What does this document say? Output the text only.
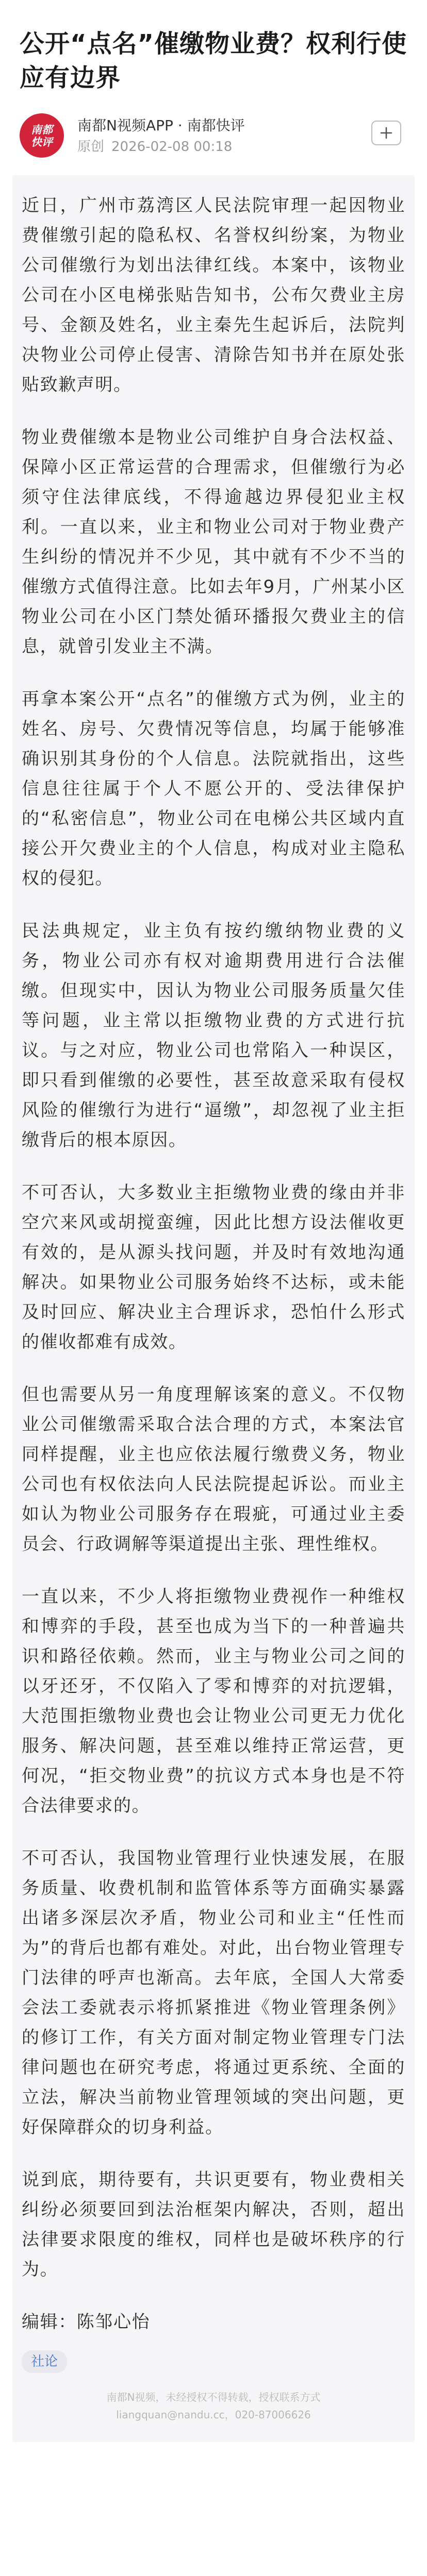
公开“点名”催缴物业费？权利行使应有边界
南都
快评
南都N视频APP · 南都快评
原创 2026-02-08 00:18

近日，广州市荔湾区人民法院审理一起因物业费催缴引起的隐私权、名誉权纠纷案，为物业公司催缴行为划出法律红线。本案中，该物业公司在小区电梯张贴告知书，公布欠费业主房号、金额及姓名，业主秦先生起诉后，法院判决物业公司停止侵害、清除告知书并在原处张贴致歉声明。

物业费催缴本是物业公司维护自身合法权益、保障小区正常运营的合理需求，但催缴行为必须守住法律底线，不得逾越边界侵犯业主权利。一直以来，业主和物业公司对于物业费产生纠纷的情况并不少见，其中就有不少不当的催缴方式值得注意。比如去年9月，广州某小区物业公司在小区门禁处循环播报欠费业主的信息，就曾引发业主不满。

再拿本案公开“点名”的催缴方式为例，业主的姓名、房号、欠费情况等信息，均属于能够准确识别其身份的个人信息。法院就指出，这些信息往往属于个人不愿公开的、受法律保护的“私密信息”，物业公司在电梯公共区域内直接公开欠费业主的个人信息，构成对业主隐私权的侵犯。

民法典规定，业主负有按约缴纳物业费的义务，物业公司亦有权对逾期费用进行合法催缴。但现实中，因认为物业公司服务质量欠佳等问题，业主常以拒缴物业费的方式进行抗议。与之对应，物业公司也常陷入一种误区，即只看到催缴的必要性，甚至故意采取有侵权风险的催缴行为进行“逼缴”，却忽视了业主拒缴背后的根本原因。

不可否认，大多数业主拒缴物业费的缘由并非空穴来风或胡搅蛮缠，因此比想方设法催收更有效的，是从源头找问题，并及时有效地沟通解决。如果物业公司服务始终不达标，或未能及时回应、解决业主合理诉求，恐怕什么形式的催收都难有成效。

但也需要从另一角度理解该案的意义。不仅物业公司催缴需采取合法合理的方式，本案法官同样提醒，业主也应依法履行缴费义务，物业公司也有权依法向人民法院提起诉讼。而业主如认为物业公司服务存在瑕疵，可通过业主委员会、行政调解等渠道提出主张、理性维权。

一直以来，不少人将拒缴物业费视作一种维权和博弈的手段，甚至也成为当下的一种普遍共识和路径依赖。然而，业主与物业公司之间的以牙还牙，不仅陷入了零和博弈的对抗逻辑，大范围拒缴物业费也会让物业公司更无力优化服务、解决问题，甚至难以维持正常运营，更何况，“拒交物业费”的抗议方式本身也是不符合法律要求的。

不可否认，我国物业管理行业快速发展，在服务质量、收费机制和监管体系等方面确实暴露出诸多深层次矛盾，物业公司和业主“任性而为”的背后也都有难处。对此，出台物业管理专门法律的呼声也渐高。去年底，全国人大常委会法工委就表示将抓紧推进《物业管理条例》的修订工作，有关方面对制定物业管理专门法律问题也在研究考虑，将通过更系统、全面的立法，解决当前物业管理领域的突出问题，更好保障群众的切身利益。

说到底，期待要有，共识更要有，物业费相关纠纷必须要回到法治框架内解决，否则，超出法律要求限度的维权，同样也是破坏秩序的行为。

编辑：陈邹心怡

社论
南都N视频，未经授权不得转载，授权联系方式
liangquan@nandu.cc，020-87006626
